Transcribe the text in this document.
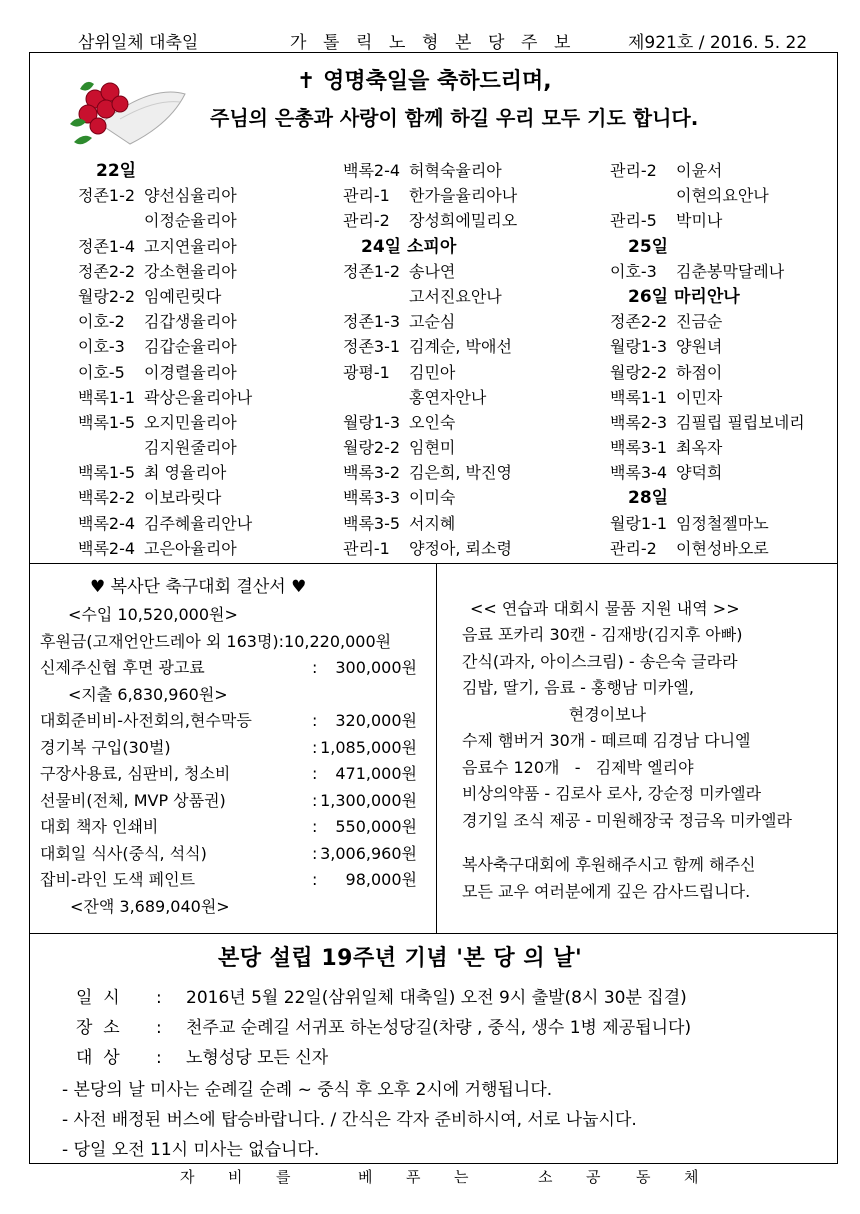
삼위일체 대축일	가 톨 릭 노 형 본 당 주 보	제921호 / 2016. 5. 22
✝ 영명축일을 축하드리며,
주님의 은총과 사랑이 함께 하길 우리 모두 기도 합니다.
22일
정존1-2 양선심율리아
이정순율리아
정존1-4 고지연율리아
정존2-2 강소현율리아
월랑2-2 임예린릿다
이호-2 김갑생율리아
이호-3 김갑순율리아
이호-5 이경렬율리아
백록1-1 곽상은율리아나
백록1-5 오지민율리아
김지원줄리아
백록1-5 최 영율리아
백록2-2 이보라릿다
백록2-4 김주혜율리안나
백록2-4 고은아율리아
백록2-4 허혁숙율리아
관리-1 한가을율리아나
관리-2 장성희에밀리오
24일 소피아
정존1-2 송나연
고서진요안나
정존1-3 고순심
정존3-1 김계순, 박애선
광평-1 김민아
홍연자안나
월랑1-3 오인숙
월랑2-2 임현미
백록3-2 김은희, 박진영
백록3-3 이미숙
백록3-5 서지혜
관리-1 양정아, 뢰소령
관리-2 이윤서
이현의요안나
관리-5 박미나
25일
이호-3 김춘봉막달레나
26일 마리안나
정존2-2 진금순
월랑1-3 양원녀
월랑2-2 하점이
백록1-1 이민자
백록2-3 김필립 필립보네리
백록3-1 최옥자
백록3-4 양덕희
28일
월랑1-1 임정철젤마노
관리-2 이현성바오로
♥ 복사단 축구대회 결산서 ♥
<수입 10,520,000원>
후원금(고재언안드레아 외 163명):10,220,000원
신제주신협 후면 광고료	:	300,000원
<지출 6,830,960원>
대회준비비-사전회의,현수막등	:	320,000원
경기복 구입(30벌)	: 1,085,000원
구장사용료, 심판비, 청소비	:	471,000원
선물비(전체, MVP 상품권)	: 1,300,000원
대회 책자 인쇄비	:	550,000원
대회일 식사(중식, 석식)	: 3,006,960원
잡비-라인 도색 페인트	:	98,000원
<잔액 3,689,040원>
<< 연습과 대회시 물품 지원 내역 >>
음료 포카리 30캔 - 김재방(김지후 아빠)
간식(과자, 아이스크림) - 송은숙 글라라
김밥, 딸기, 음료 - 홍행남 미카엘,
현경이보나
수제 햄버거 30개 - 떼르떼 김경남 다니엘
음료수 120개   -   김제박 엘리야
비상의약품 - 김로사 로사, 강순정 미카엘라
경기일 조식 제공 - 미원해장국 정금옥 미카엘라
복사축구대회에 후원해주시고 함께 해주신
모든 교우 여러분에게 깊은 감사드립니다.
본당 설립 19주년 기념 '본 당 의 날'
일  시 : 2016년 5월 22일(삼위일체 대축일) 오전 9시 출발(8시 30분 집결)
장  소 : 천주교 순례길 서귀포 하논성당길(차량 , 중식, 생수 1병 제공됩니다)
대  상 : 노형성당 모든 신자
- 본당의 날 미사는 순례길 순례 ~ 중식 후 오후 2시에 거행됩니다.
- 사전 배정된 버스에 탑승바랍니다. / 간식은 각자 준비하시여, 서로 나눕시다.
- 당일 오전 11시 미사는 없습니다.
자 비 를	베 푸 는	소 공 동 체
